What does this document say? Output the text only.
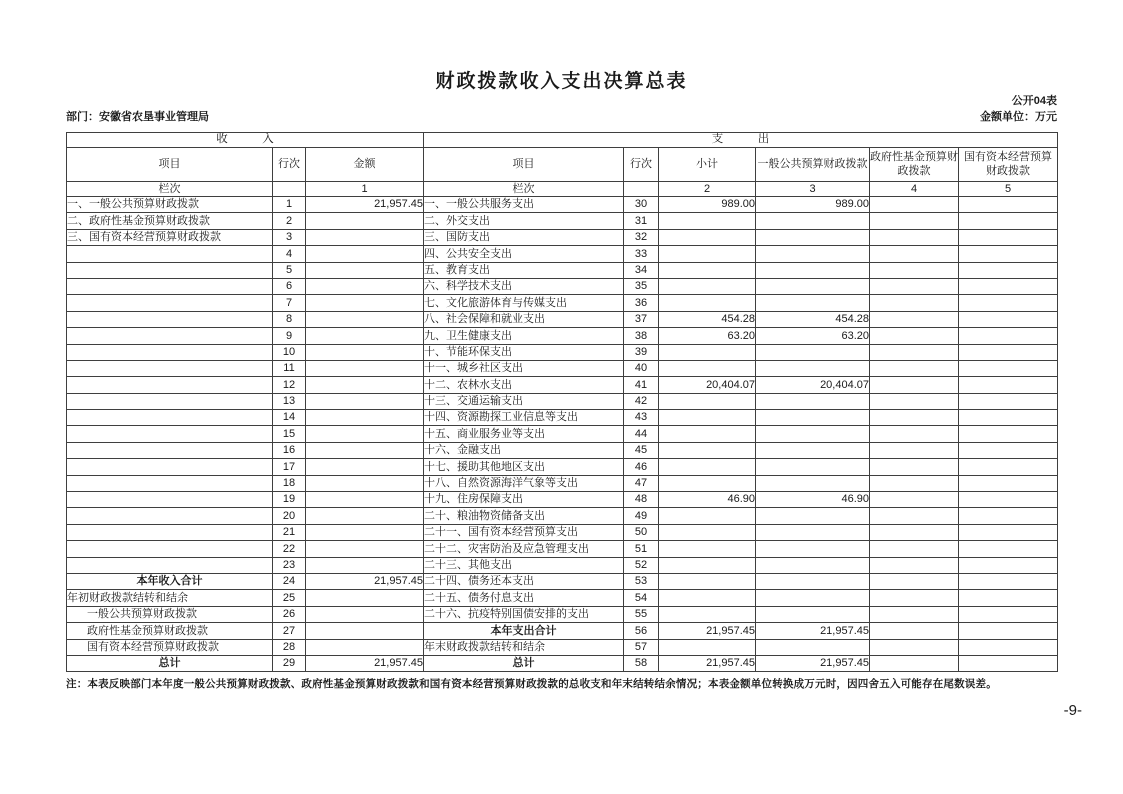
财政拨款收入支出决算总表
公开04表
部门：安徽省农垦事业管理局	金额单位：万元
收　　　入			支　　　出					
项目	行次	金额	项目	行次	小计	一般公共预算财政拨款	政府性基金预算财政拨款	国有资本经营预算财政拨款
栏次		1	栏次		2	3	4	5
一、一般公共预算财政拨款	1	21,957.45	一、一般公共服务支出	30	989.00	989.00		
二、政府性基金预算财政拨款	2		二、外交支出	31				
三、国有资本经营预算财政拨款	3		三、国防支出	32				
	4		四、公共安全支出	33				
	5		五、教育支出	34				
	6		六、科学技术支出	35				
	7		七、文化旅游体育与传媒支出	36				
	8		八、社会保障和就业支出	37	454.28	454.28		
	9		九、卫生健康支出	38	63.20	63.20		
	10		十、节能环保支出	39				
	11		十一、城乡社区支出	40				
	12		十二、农林水支出	41	20,404.07	20,404.07		
	13		十三、交通运输支出	42				
	14		十四、资源勘探工业信息等支出	43				
	15		十五、商业服务业等支出	44				
	16		十六、金融支出	45				
	17		十七、援助其他地区支出	46				
	18		十八、自然资源海洋气象等支出	47				
	19		十九、住房保障支出	48	46.90	46.90		
	20		二十、粮油物资储备支出	49				
	21		二十一、国有资本经营预算支出	50				
	22		二十二、灾害防治及应急管理支出	51				
	23		二十三、其他支出	52				
本年收入合计	24	21,957.45	二十四、债务还本支出	53				
年初财政拨款结转和结余	25		二十五、债务付息支出	54				
一般公共预算财政拨款	26		二十六、抗疫特别国债安排的支出	55				
政府性基金预算财政拨款	27		本年支出合计	56	21,957.45	21,957.45		
国有资本经营预算财政拨款	28		年末财政拨款结转和结余	57				
总计	29	21,957.45	总计	58	21,957.45	21,957.45		
注：本表反映部门本年度一般公共预算财政拨款、政府性基金预算财政拨款和国有资本经营预算财政拨款的总收支和年末结转结余情况；本表金额单位转换成万元时，因四舍五入可能存在尾数误差。
-9-
